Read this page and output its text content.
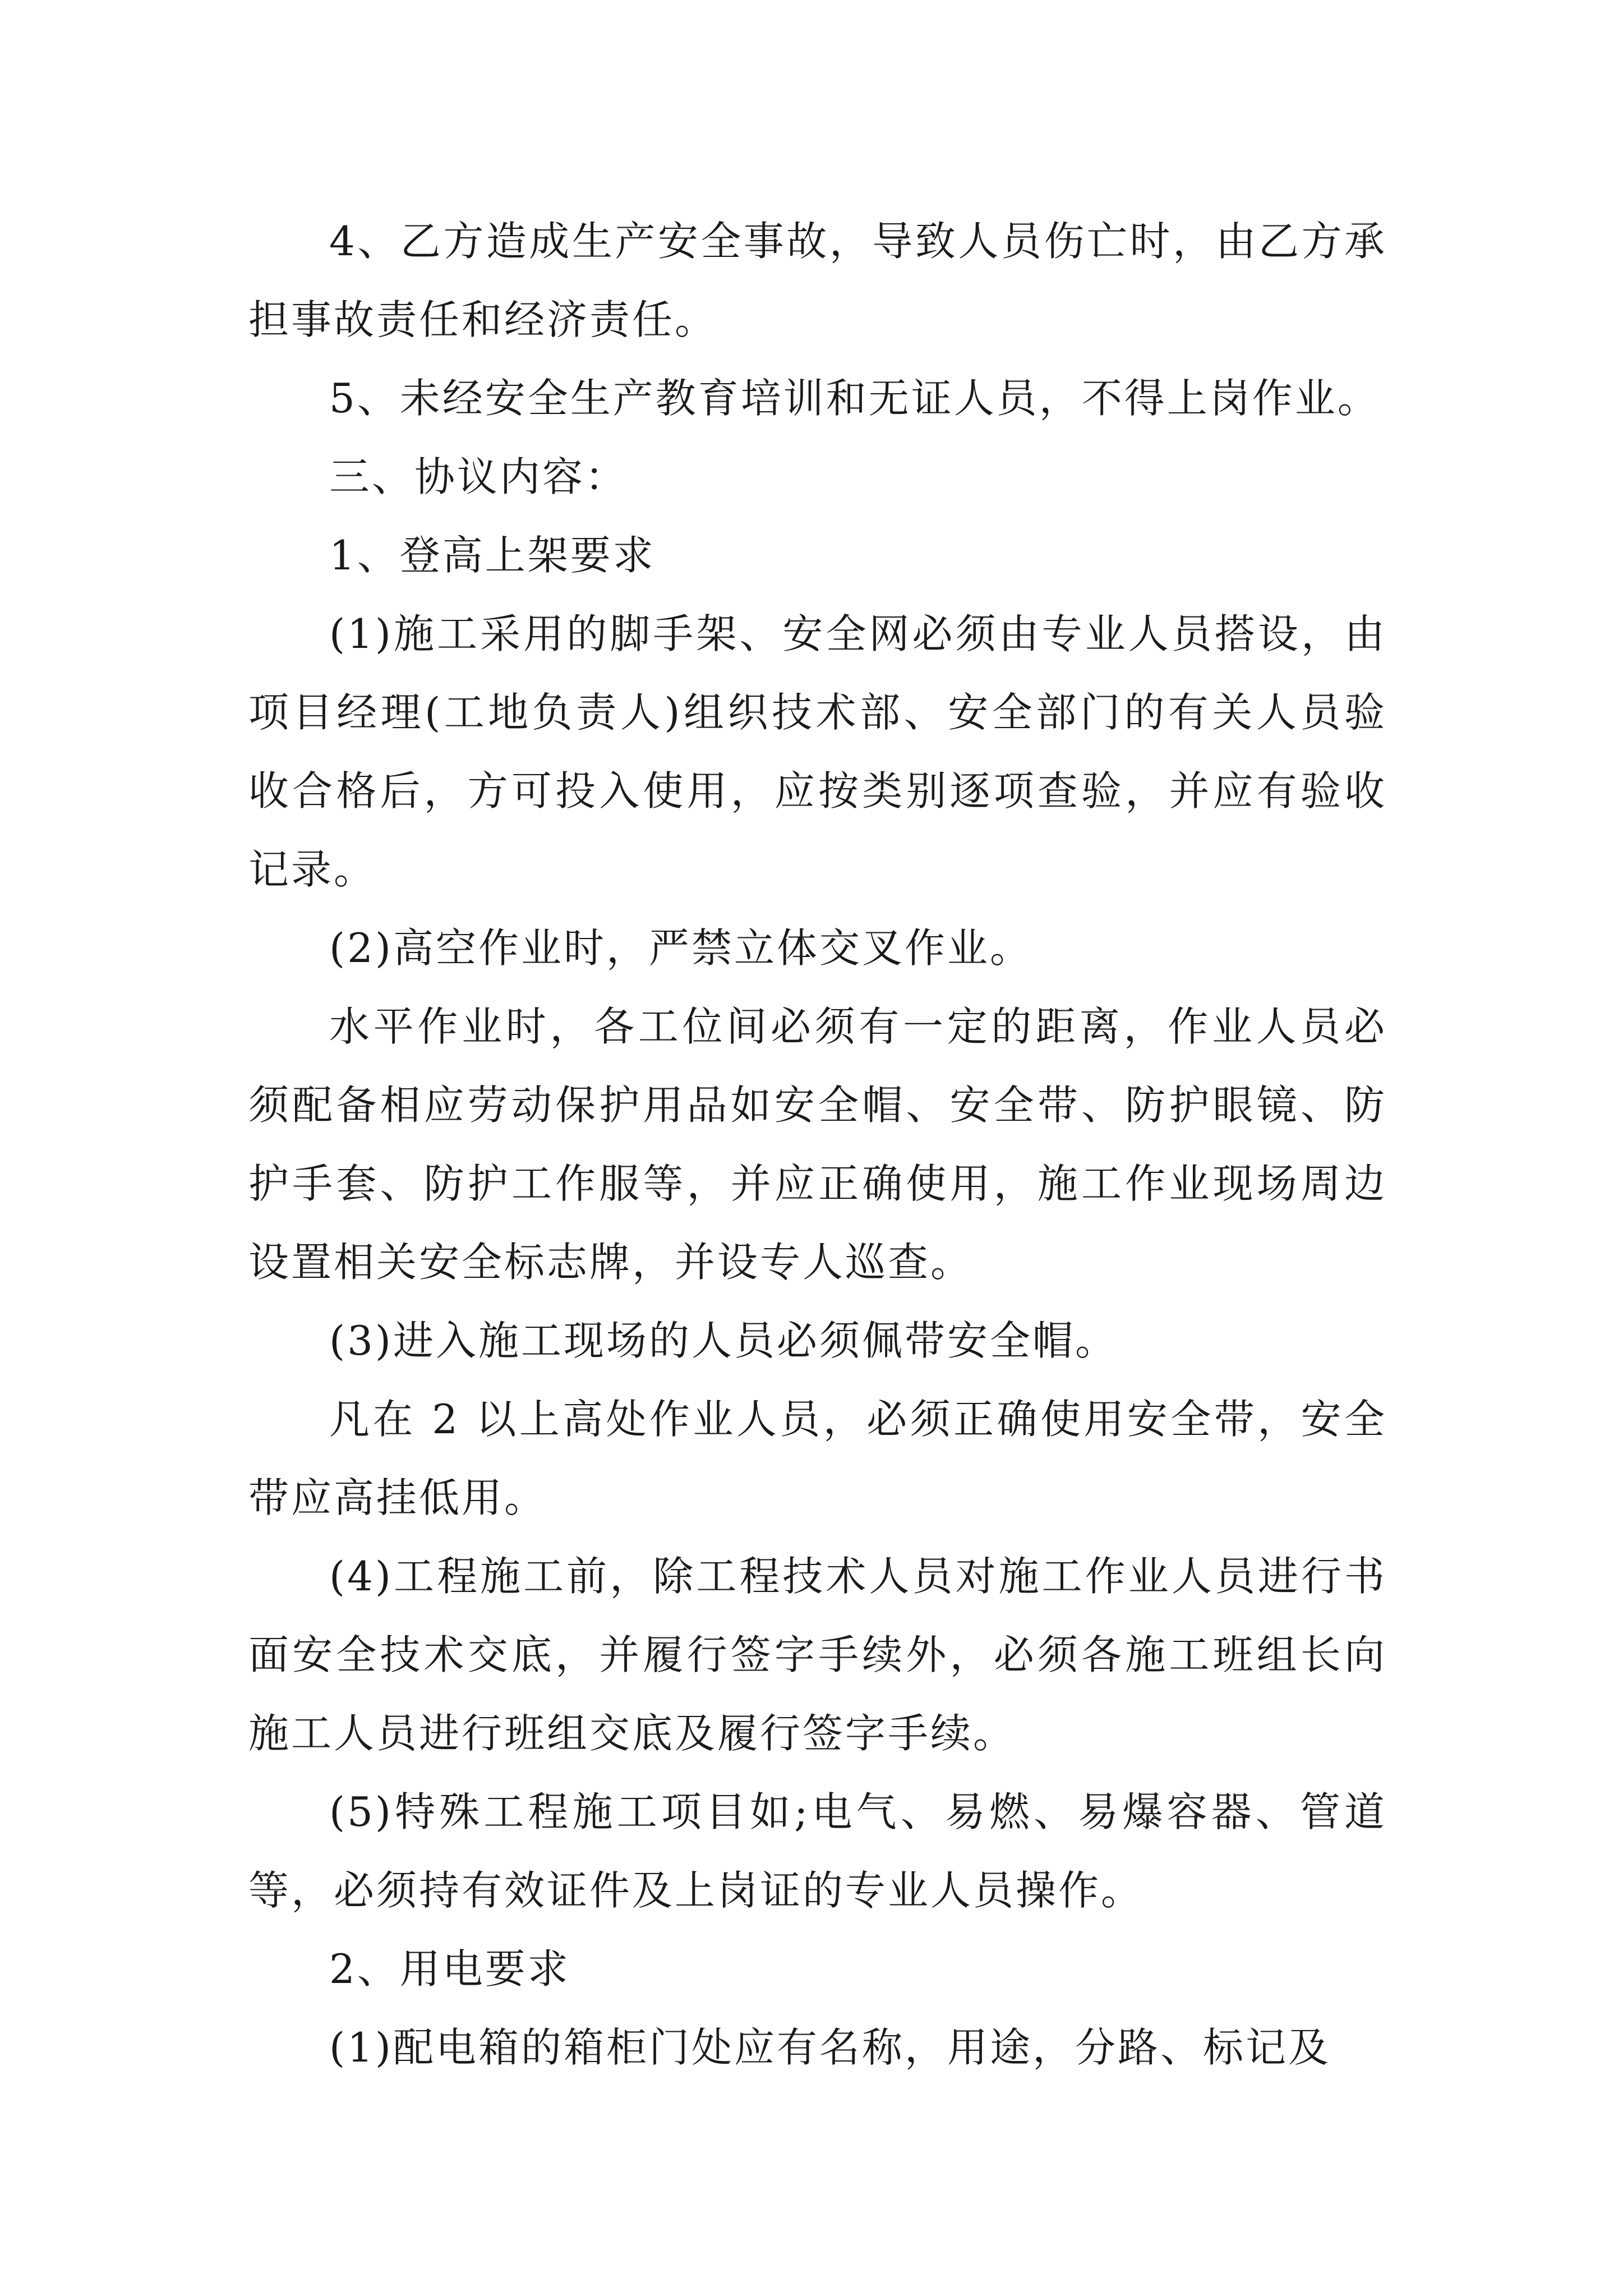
4、乙方造成生产安全事故，导致人员伤亡时，由乙方承担事故责任和经济责任。

5、未经安全生产教育培训和无证人员，不得上岗作业。

三、协议内容：

1、登高上架要求

(1)施工采用的脚手架、安全网必须由专业人员搭设，由项目经理(工地负责人)组织技术部、安全部门的有关人员验收合格后，方可投入使用，应按类别逐项查验，并应有验收记录。

(2)高空作业时，严禁立体交叉作业。

水平作业时，各工位间必须有一定的距离，作业人员必须配备相应劳动保护用品如安全帽、安全带、防护眼镜、防护手套、防护工作服等，并应正确使用，施工作业现场周边设置相关安全标志牌，并设专人巡查。

(3)进入施工现场的人员必须佩带安全帽。

凡在 2 以上高处作业人员，必须正确使用安全带，安全带应高挂低用。

(4)工程施工前，除工程技术人员对施工作业人员进行书面安全技术交底，并履行签字手续外，必须各施工班组长向施工人员进行班组交底及履行签字手续。

(5)特殊工程施工项目如;电气、易燃、易爆容器、管道等，必须持有效证件及上岗证的专业人员操作。

2、用电要求

(1)配电箱的箱柜门处应有名称，用途，分路、标记及
